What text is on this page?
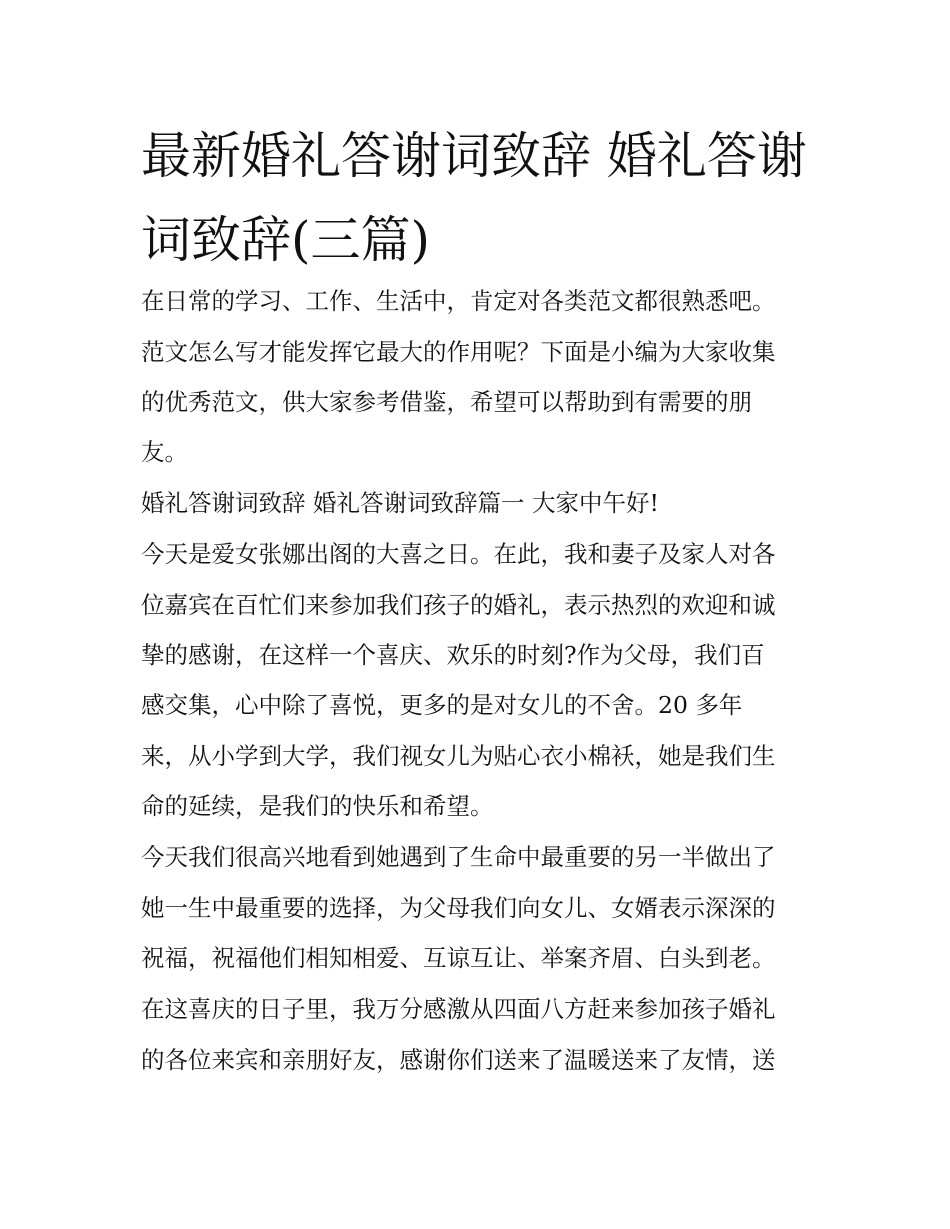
最新婚礼答谢词致辞 婚礼答谢
词致辞(三篇)

在日常的学习、工作、生活中，肯定对各类范文都很熟悉吧。

范文怎么写才能发挥它最大的作用呢？下面是小编为大家收集

的优秀范文，供大家参考借鉴，希望可以帮助到有需要的朋

友。

婚礼答谢词致辞 婚礼答谢词致辞篇一 大家中午好!

今天是爱女张娜出阁的大喜之日。在此，我和妻子及家人对各

位嘉宾在百忙们来参加我们孩子的婚礼，表示热烈的欢迎和诚

挚的感谢，在这样一个喜庆、欢乐的时刻?作为父母，我们百

感交集，心中除了喜悦，更多的是对女儿的不舍。20 多年

来，从小学到大学，我们视女儿为贴心衣小棉袄，她是我们生

命的延续，是我们的快乐和希望。

今天我们很高兴地看到她遇到了生命中最重要的另一半做出了

她一生中最重要的选择，为父母我们向女儿、女婿表示深深的

祝福，祝福他们相知相爱、互谅互让、举案齐眉、白头到老。

在这喜庆的日子里，我万分感激从四面八方赶来参加孩子婚礼

的各位来宾和亲朋好友，感谢你们送来了温暖送来了友情，送
